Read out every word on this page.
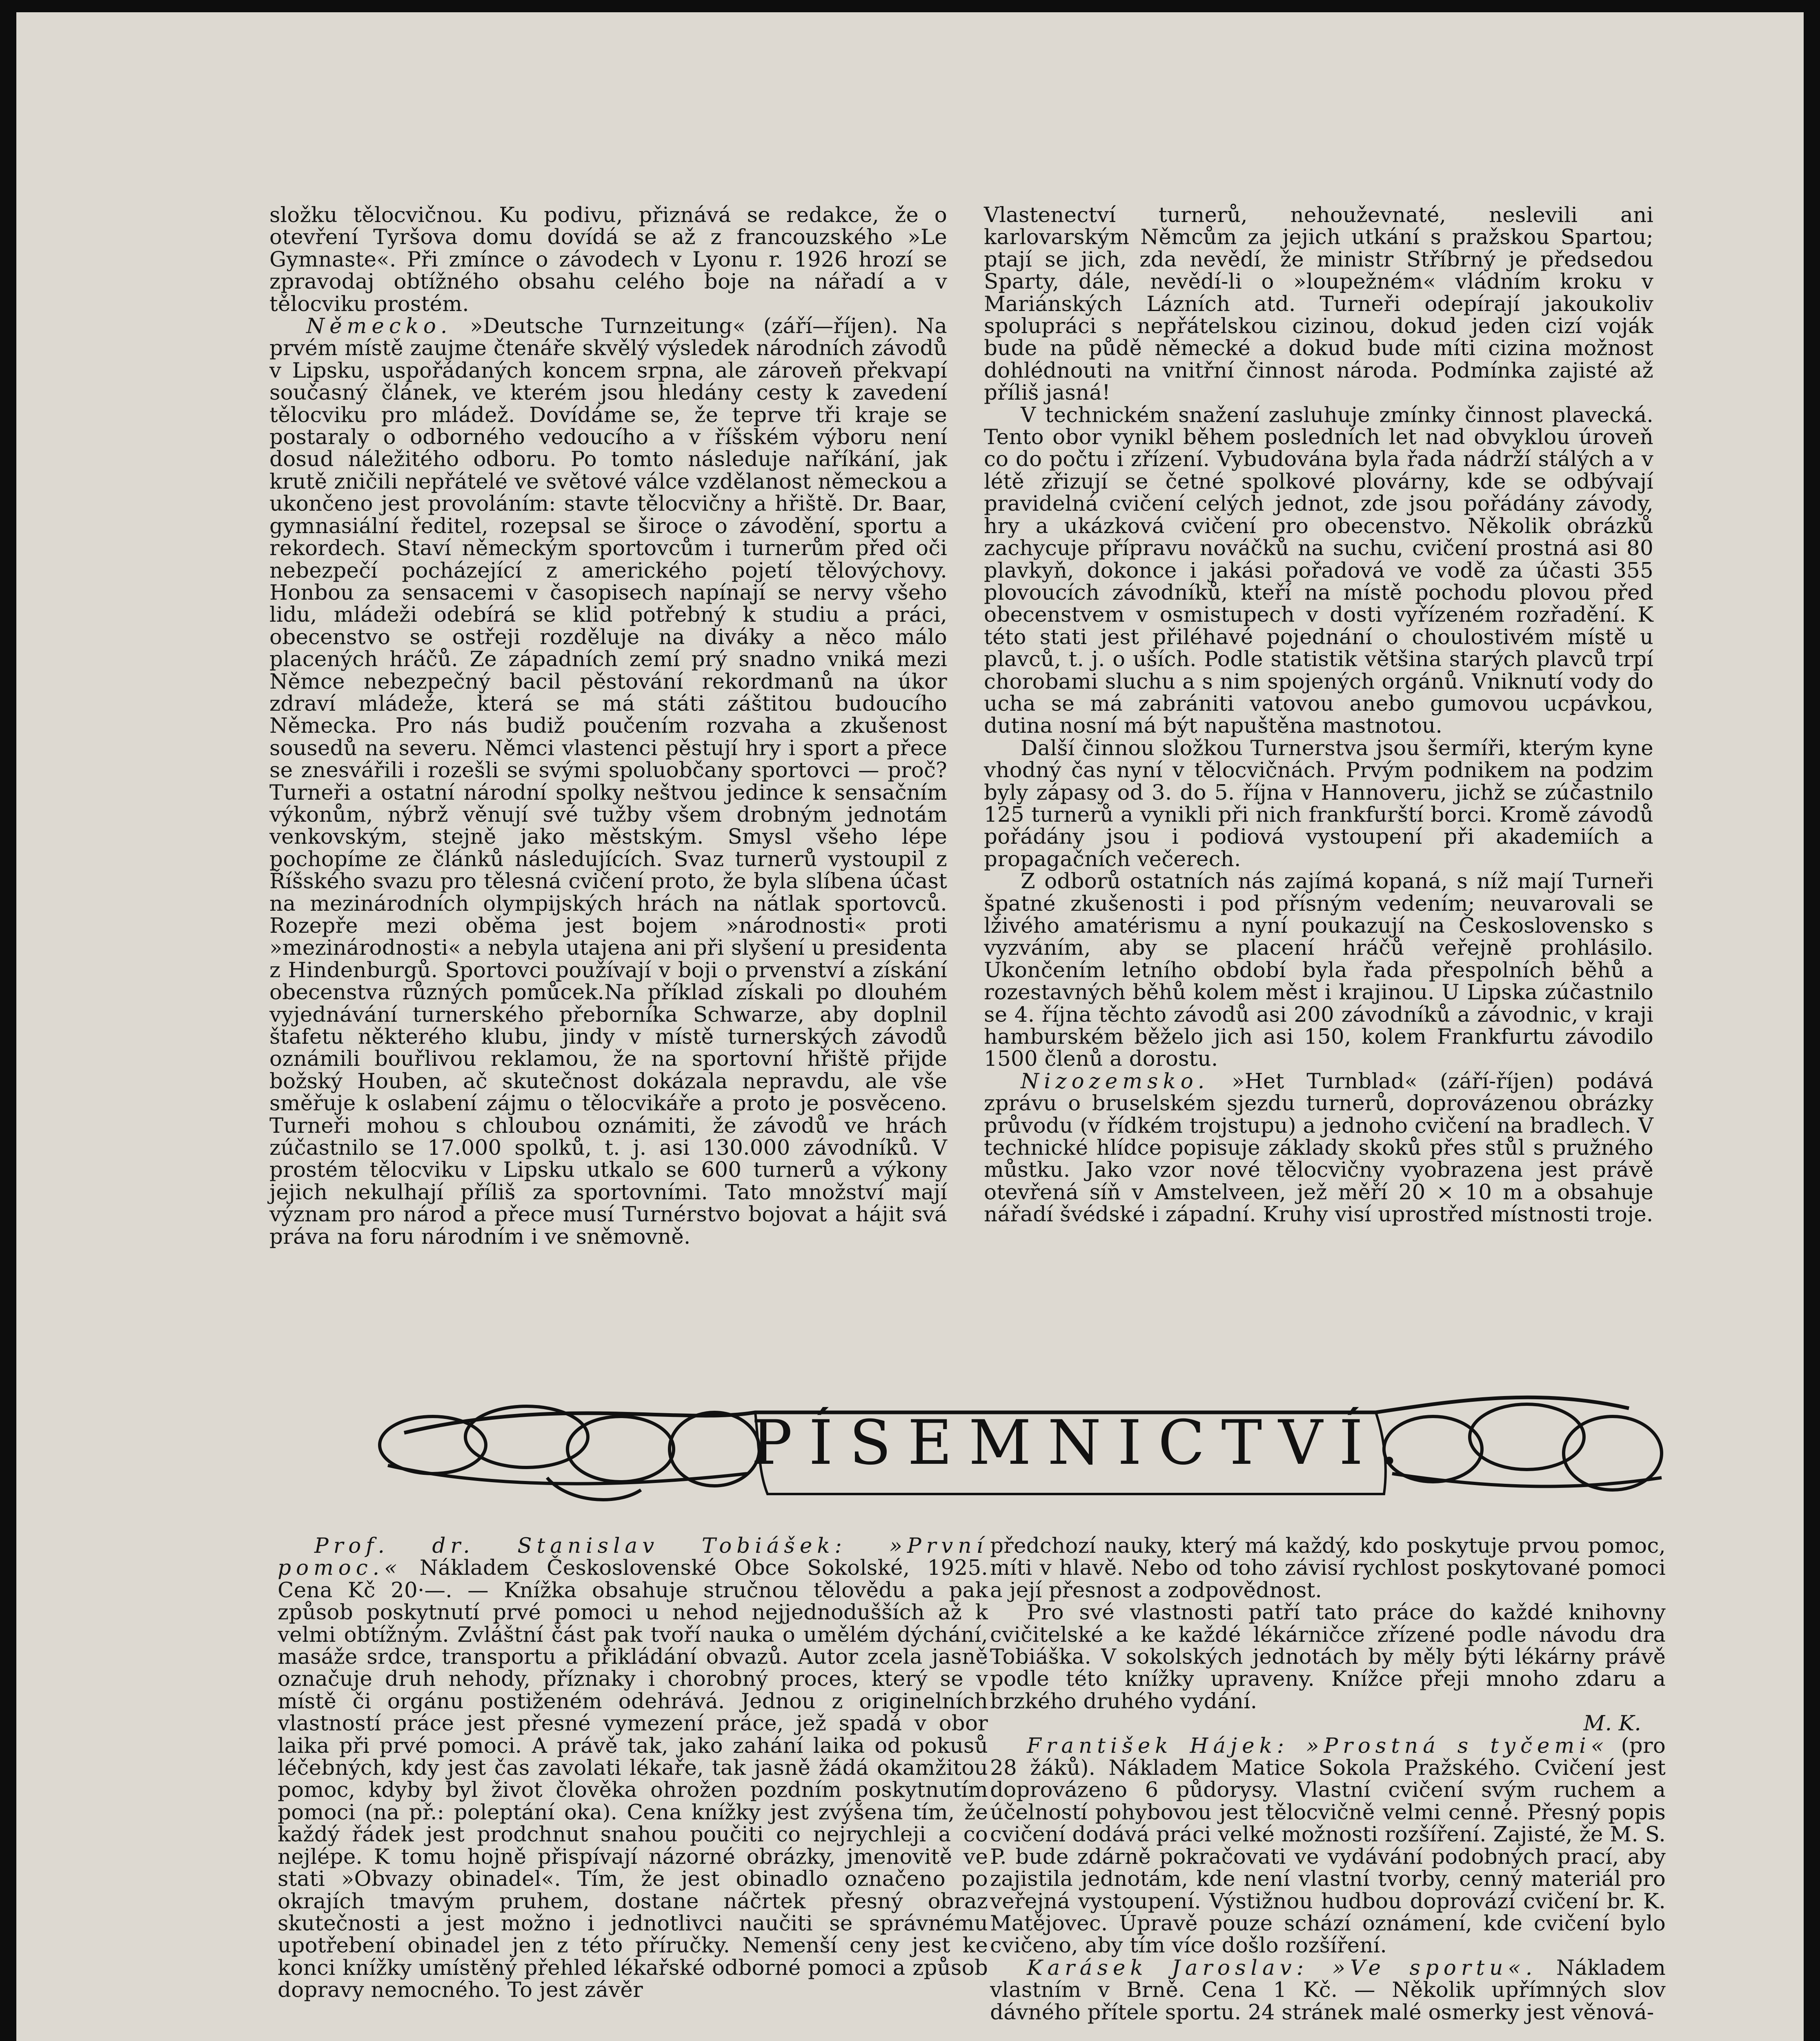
složku tělocvičnou. Ku podivu, přiznává se redakce, že o otevření Tyršova domu dovídá se až z francouzského »Le Gymnaste«. Při zmínce o závodech v Lyonu r. 1926 hrozí se zpravodaj obtížného obsahu celého boje na nářadí a v tělocviku prostém.

Německo. »Deutsche Turnzeitung« (září—říjen). Na prvém místě zaujme čtenáře skvělý výsledek národních závodů v Lipsku, uspořádaných koncem srpna, ale zároveň překvapí současný článek, ve kterém jsou hledány cesty k zavedení tělocviku pro mládež. Dovídáme se, že teprve tři kraje se postaraly o odborného vedoucího a v říšském výboru není dosud náležitého odboru. Po tomto následuje naříkání, jak krutě zničili nepřátelé ve světové válce vzdělanost německou a ukončeno jest provoláním: stavte tělocvičny a hřiště. Dr. Baar, gymnasiální ředitel, rozepsal se široce o závodění, sportu a rekordech. Staví německým sportovcům i turnerům před oči nebezpečí pocházející z amerického pojetí tělovýchovy. Honbou za sensacemi v časopisech napínají se nervy všeho lidu, mládeži odebírá se klid potřebný k studiu a práci, obecenstvo se ostřeji rozděluje na diváky a něco málo placených hráčů. Ze západních zemí prý snadno vniká mezi Němce nebezpečný bacil pěstování rekordmanů na úkor zdraví mládeže, která se má státi záštitou budoucího Německa. Pro nás budiž poučením rozvaha a zkušenost sousedů na severu. Němci vlastenci pěstují hry i sport a přece se znesvářili i rozešli se svými spoluobčany sportovci — proč? Turneři a ostatní národní spolky neštvou jedince k sensačním výkonům, nýbrž věnují své tužby všem drobným jednotám venkovským, stejně jako městským. Smysl všeho lépe pochopíme ze článků následujících. Svaz turnerů vystoupil z Říšského svazu pro tělesná cvičení proto, že byla slíbena účast na mezinárodních olympijských hrách na nátlak sportovců. Rozepře mezi oběma jest bojem »národnosti« proti »mezinárodnosti« a nebyla utajena ani při slyšení u presidenta z Hindenburgů. Sportovci používají v boji o prvenství a získání obecenstva různých pomůcek.Na příklad získali po dlouhém vyjednávání turnerského přeborníka Schwarze, aby doplnil štafetu některého klubu, jindy v místě turnerských závodů oznámili bouřlivou reklamou, že na sportovní hřiště přijde božský Houben, ač skutečnost dokázala nepravdu, ale vše směřuje k oslabení zájmu o tělocvikáře a proto je posvěceno. Turneři mohou s chloubou oznámiti, že závodů ve hrách zúčastnilo se 17.000 spolků, t. j. asi 130.000 závodníků. V prostém tělocviku v Lipsku utkalo se 600 turnerů a výkony jejich nekulhají příliš za sportovními. Tato množství mají význam pro národ a přece musí Turnérstvo bojovat a hájit svá práva na foru národním i ve sněmovně.

Vlastenectví turnerů, nehouževnaté, neslevili ani karlovarským Němcům za jejich utkání s pražskou Spartou; ptají se jich, zda nevědí, že ministr Stříbrný je předsedou Sparty, dále, nevědí-li o »loupežném« vládním kroku v Mariánských Lázních atd. Turneři odepírají jakoukoliv spolupráci s nepřátelskou cizinou, dokud jeden cizí voják bude na půdě německé a dokud bude míti cizina možnost dohlédnouti na vnitřní činnost národa. Podmínka zajisté až příliš jasná!

V technickém snažení zasluhuje zmínky činnost plavecká. Tento obor vynikl během posledních let nad obvyklou úroveň co do počtu i zřízení. Vybudována byla řada nádrží stálých a v létě zřizují se četné spolkové plovárny, kde se odbývají pravidelná cvičení celých jednot, zde jsou pořádány závody, hry a ukázková cvičení pro obecenstvo. Několik obrázků zachycuje přípravu nováčků na suchu, cvičení prostná asi 80 plavkyň, dokonce i jakási pořadová ve vodě za účasti 355 plovoucích závodníků, kteří na místě pochodu plovou před obecenstvem v osmistupech v dosti vyřízeném rozřadění. K této stati jest přiléhavé pojednání o choulostivém místě u plavců, t. j. o uších. Podle statistik většina starých plavců trpí chorobami sluchu a s nim spojených orgánů. Vniknutí vody do ucha se má zabrániti vatovou anebo gumovou ucpávkou, dutina nosní má být napuštěna mastnotou.

Další činnou složkou Turnerstva jsou šermíři, kterým kyne vhodný čas nyní v tělocvičnách. Prvým podnikem na podzim byly zápasy od 3. do 5. října v Hannoveru, jichž se zúčastnilo 125 turnerů a vynikli při nich frankfurští borci. Kromě závodů pořádány jsou i podiová vystoupení při akademiích a propagačních večerech.

Z odborů ostatních nás zajímá kopaná, s níž mají Turneři špatné zkušenosti i pod přísným vedením; neuvarovali se lživého amatérismu a nyní poukazují na Československo s vyzváním, aby se placení hráčů veřejně prohlásilo. Ukončením letního období byla řada přespolních běhů a rozestavných běhů kolem měst i krajinou. U Lipska zúčastnilo se 4. října těchto závodů asi 200 závodníků a závodnic, v kraji hamburském běželo jich asi 150, kolem Frankfurtu závodilo 1500 členů a dorostu.

Nizozemsko. »Het Turnblad« (září-říjen) podává zprávu o bruselském sjezdu turnerů, doprovázenou obrázky průvodu (v řídkém trojstupu) a jednoho cvičení na bradlech. V technické hlídce popisuje základy skoků přes stůl s pružného můstku. Jako vzor nové tělocvičny vyobrazena jest právě otevřená síň v Amstelveen, jež měří 20 × 10 m a obsahuje nářadí švédské i západní. Kruhy visí uprostřed místnosti troje.

PÍSEMNICTVÍ.

Prof. dr. Stanislav Tobiášek: »První pomoc.« Nákladem Československé Obce Sokolské, 1925. Cena Kč 20·—. — Knížka obsahuje stručnou tělovědu a pak způsob poskytnutí prvé pomoci u nehod nejjednodušších až k velmi obtížným. Zvláštní část pak tvoří nauka o umělém dýchání, masáže srdce, transportu a přikládání obvazů. Autor zcela jasně označuje druh nehody, příznaky i chorobný proces, který se v místě či orgánu postiženém odehrává. Jednou z originelních vlastností práce jest přesné vymezení práce, jež spadá v obor laika při prvé pomoci. A právě tak, jako zahání laika od pokusů léčebných, kdy jest čas zavolati lékaře, tak jasně žádá okamžitou pomoc, kdyby byl život člověka ohrožen pozdním poskytnutím pomoci (na př.: poleptání oka). Cena knížky jest zvýšena tím, že každý řádek jest prodchnut snahou poučiti co nejrychleji a co nejlépe. K tomu hojně přispívají názorné obrázky, jmenovitě ve stati »Obvazy obinadel«. Tím, že jest obinadlo označeno po okrajích tmavým pruhem, dostane náčrtek přesný obraz skutečnosti a jest možno i jednotlivci naučiti se správnému upotřebení obinadel jen z této příručky. Nemenší ceny jest ke konci knížky umístěný přehled lékařské odborné pomoci a způsob dopravy nemocného. To jest závěr

předchozí nauky, který má každý, kdo poskytuje prvou pomoc, míti v hlavě. Nebo od toho závisí rychlost poskytované pomoci a její přesnost a zodpovědnost.

Pro své vlastnosti patří tato práce do každé knihovny cvičitelské a ke každé lékárničce zřízené podle návodu dra Tobiáška. V sokolských jednotách by měly býti lékárny právě podle této knížky upraveny. Knížce přeji mnoho zdaru a brzkého druhého vydání.
M. K.

František Hájek: »Prostná s tyčemi« (pro 28 žáků). Nákladem Matice Sokola Pražského. Cvičení jest doprovázeno 6 půdorysy. Vlastní cvičení svým ruchem a účelností pohybovou jest tělocvičně velmi cenné. Přesný popis cvičení dodává práci velké možnosti rozšíření. Zajisté, že M. S. P. bude zdárně pokračovati ve vydávání podobných prací, aby zajistila jednotám, kde není vlastní tvorby, cenný materiál pro veřejná vystoupení. Výstižnou hudbou doprovází cvičení br. K. Matějovec. Úpravě pouze schází oznámení, kde cvičení bylo cvičeno, aby tím více došlo rozšíření.

Karásek Jaroslav: »Ve sportu«. Nákladem vlastním v Brně. Cena 1 Kč. — Několik upřímných slov dávného přítele sportu. 24 stránek malé osmerky jest věnová-
